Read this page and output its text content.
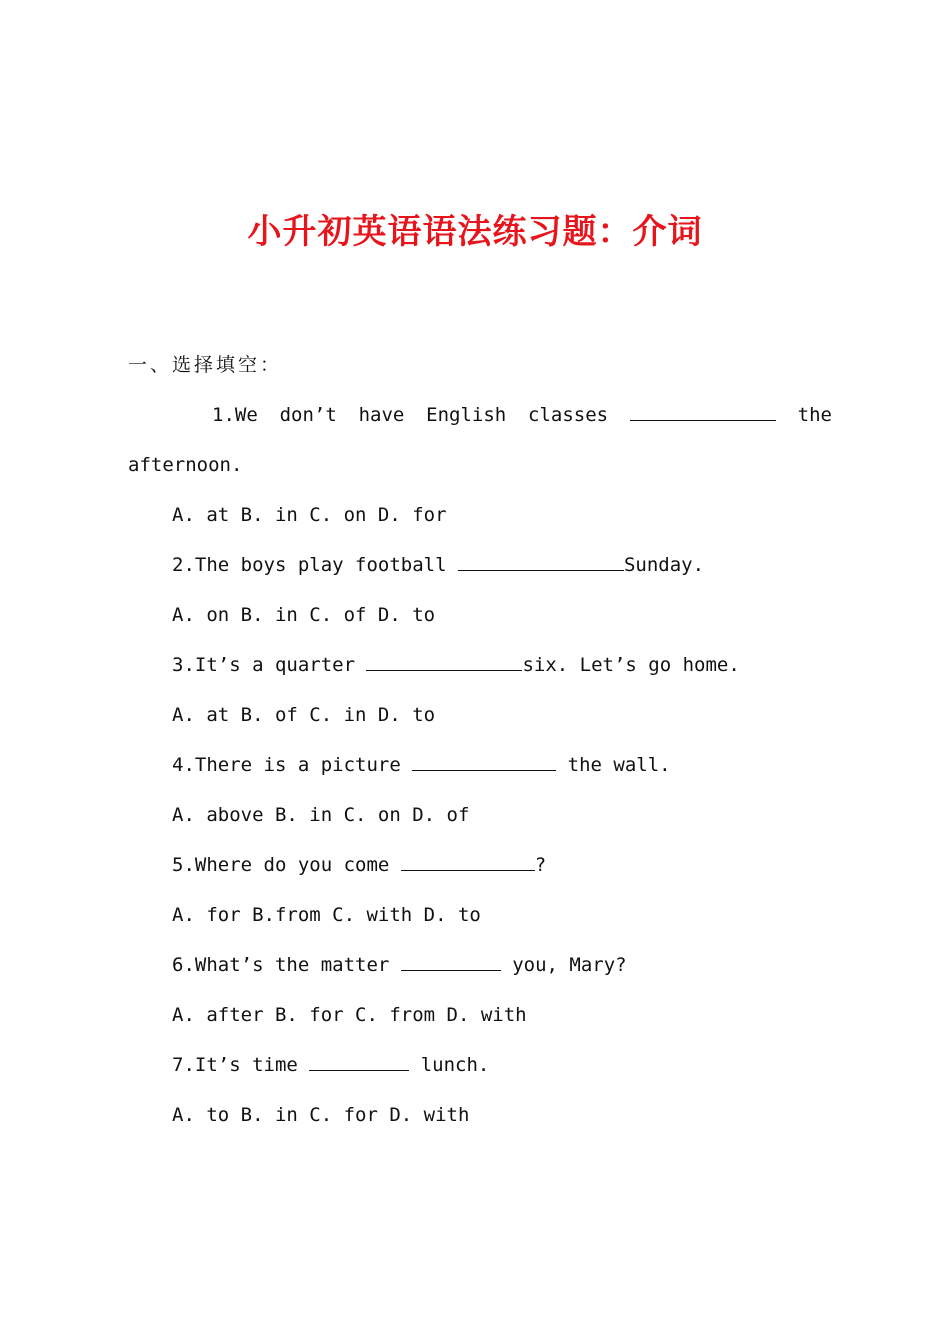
小升初英语语法练习题：介词
一、选择填空：
1.We don’t have English classes	the
afternoon.
A. at B. in C. on D. for
2.The boys play football	Sunday.
A. on B. in C. of D. to
3.It’s a quarter	six. Let’s go home.
A. at B. of C. in D. to
4.There is a picture	the wall.
A. above B. in C. on D. of
5.Where do you come	?
A. for B.from C. with D. to
6.What’s the matter	you, Mary?
A. after B. for C. from D. with
7.It’s time	lunch.
A. to B. in C. for D. with
